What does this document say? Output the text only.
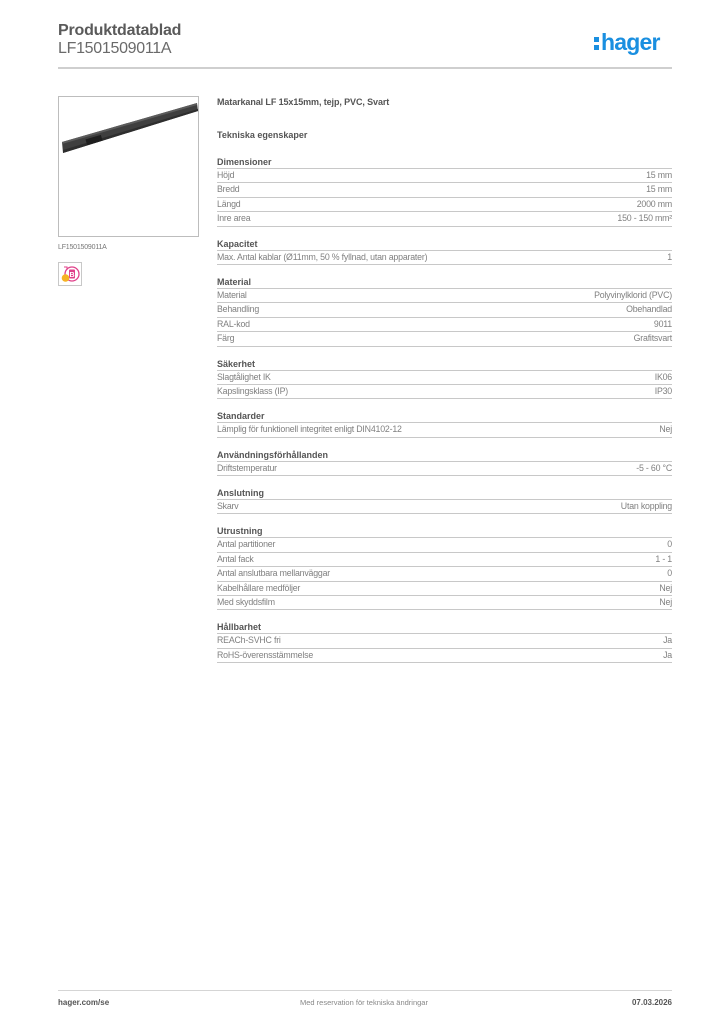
Produktdatablad
LF1501509011A	hager
LF1501509011A
B
Matarkanal LF 15x15mm, tejp, PVC, Svart
Tekniska egenskaper
Dimensioner
Höjd	15 mm
Bredd	15 mm
Längd	2000 mm
Inre area	150 - 150 mm²
Kapacitet
Max. Antal kablar (Ø11mm, 50 % fyllnad, utan apparater)	1
Material
Material	Polyvinylklorid (PVC)
Behandling	Obehandlad
RAL-kod	9011
Färg	Grafitsvart
Säkerhet
Slagtålighet IK	IK06
Kapslingsklass (IP)	IP30
Standarder
Lämplig för funktionell integritet enligt DIN4102-12	Nej
Användningsförhållanden
Driftstemperatur	-5 - 60 °C
Anslutning
Skarv	Utan koppling
Utrustning
Antal partitioner	0
Antal fack	1 - 1
Antal anslutbara mellanväggar	0
Kabelhållare medföljer	Nej
Med skyddsfilm	Nej
Hållbarhet
REACh-SVHC fri	Ja
RoHS-överensstämmelse	Ja
hager.com/se	Med reservation för tekniska ändringar	07.03.2026
